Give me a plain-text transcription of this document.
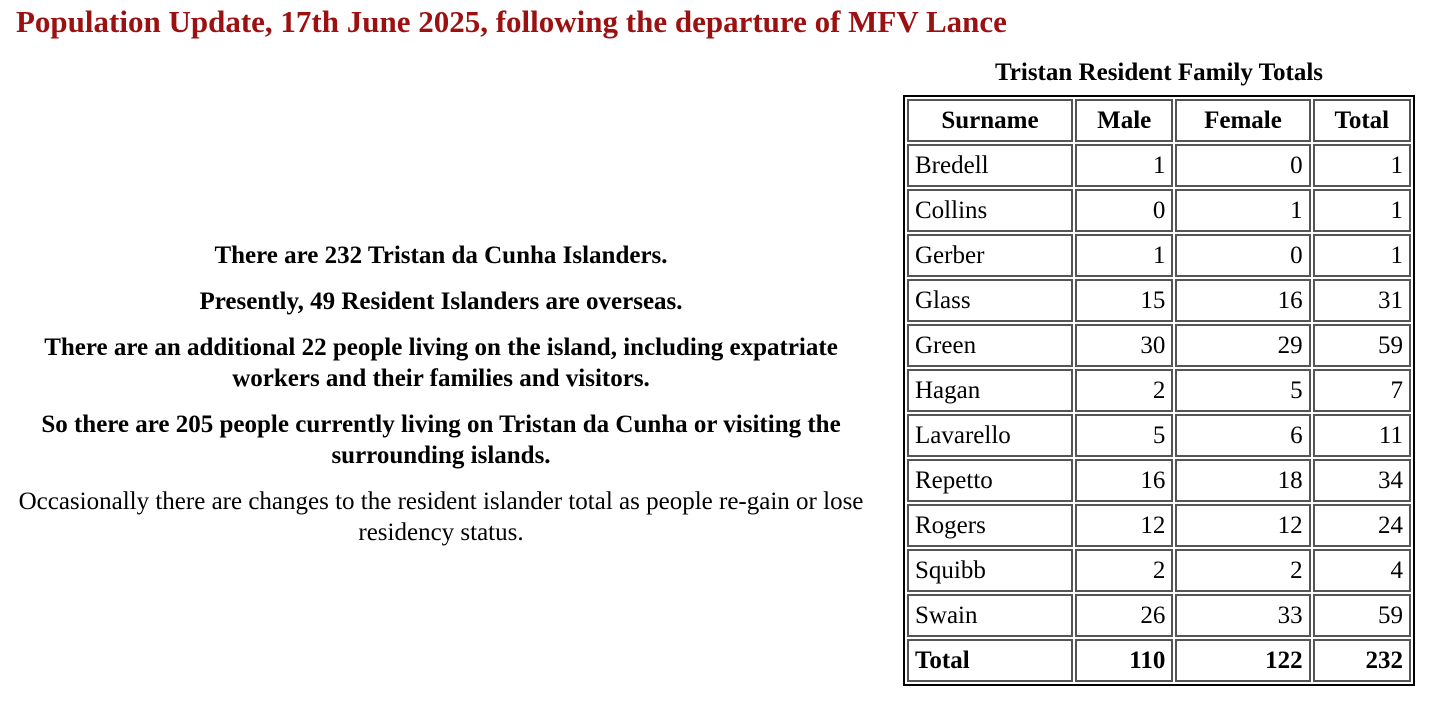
Population Update, 17th June 2025, following the departure of MFV Lance

There are 232 Tristan da Cunha Islanders.

Presently, 49 Resident Islanders are overseas.

There are an additional 22 people living on the island, including expatriate workers and their families and visitors.

So there are 205 people currently living on Tristan da Cunha or visiting the surrounding islands.

Occasionally there are changes to the resident islander total as people re-gain or lose residency status.

Tristan Resident Family Totals
Surname	Male	Female	Total
Bredell	1	0	1
Collins	0	1	1
Gerber	1	0	1
Glass	15	16	31
Green	30	29	59
Hagan	2	5	7
Lavarello	5	6	11
Repetto	16	18	34
Rogers	12	12	24
Squibb	2	2	4
Swain	26	33	59
Total	110	122	232
